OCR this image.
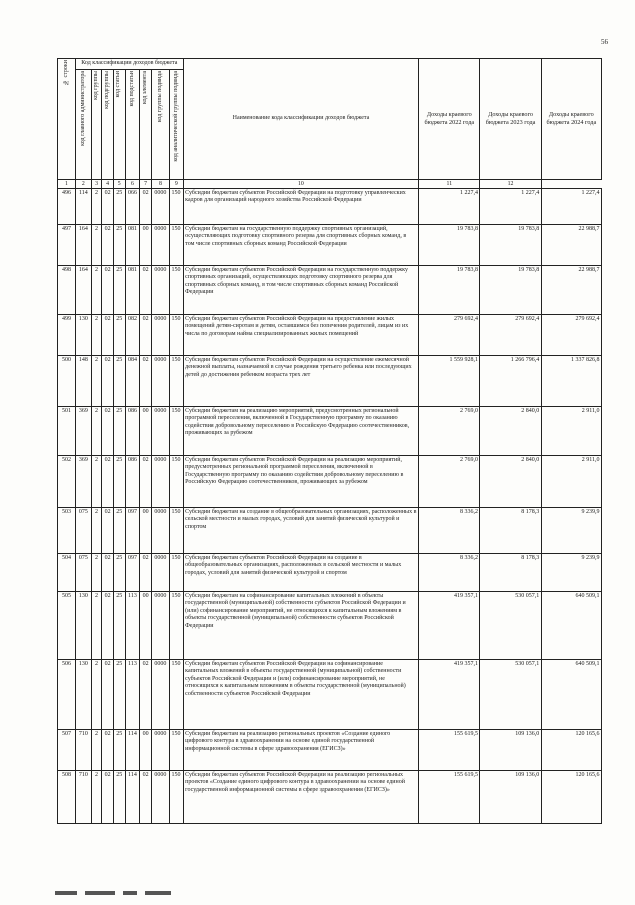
56
№ строки	Код классификации доходов бюджета								Наименование кода классификации доходов бюджета	Доходы краевого бюджета 2022 года	Доходы краевого бюджета 2023 года	Доходы краевого бюджета 2024 года

	код главного администратора	код группы	код подгруппы	код статьи	код подстатьи	код элемента	код группы подвида	код аналитической группы подвида				

1	2	3	4	5	6	7	8	9	10	11	12	
496	114	2	02	25	066	02	0000	150	Субсидии бюджетам субъектов Российской Федерации на подготовку управленческих кадров для организаций народного хозяйства Российской Федерации	1 227,4	1 227,4	1 227,4
497	164	2	02	25	081	00	0000	150	Субсидии бюджетам на государственную поддержку спортивных организаций, осуществляющих подготовку спортивного резерва для спортивных сборных команд, в том числе спортивных сборных команд Российской Федерации	19 783,8	19 783,8	22 988,7
498	164	2	02	25	081	02	0000	150	Субсидии бюджетам субъектов Российской Федерации на государственную поддержку спортивных организаций, осуществляющих подготовку спортивного резерва для спортивных сборных команд, в том числе спортивных сборных команд Российской Федерации	19 783,8	19 783,8	22 988,7
499	130	2	02	25	082	02	0000	150	Субсидии бюджетам субъектов Российской Федерации на предоставление жилых помещений детям-сиротам и детям, оставшимся без попечения родителей, лицам из их числа по договорам найма специализированных жилых помещений	279 692,4	279 692,4	279 692,4
500	148	2	02	25	084	02	0000	150	Субсидии бюджетам субъектов Российской Федерации на осуществление ежемесячной денежной выплаты, назначаемой в случае рождения третьего ребенка или последующих детей до достижения ребенком возраста трех лет	1 559 928,1	1 266 796,4	1 337 826,8
501	369	2	02	25	086	00	0000	150	Субсидии бюджетам на реализацию мероприятий, предусмотренных региональной программой переселения, включенной в Государственную программу по оказанию содействия добровольному переселению в Российскую Федерацию соотечественников, проживающих за рубежом	2 769,0	2 840,0	2 911,0
502	369	2	02	25	086	02	0000	150	Субсидии бюджетам субъектов Российской Федерации на реализацию мероприятий, предусмотренных региональной программой переселения, включенной в Государственную программу по оказанию содействия добровольному переселению в Российскую Федерацию соотечественников, проживающих за рубежом	2 769,0	2 840,0	2 911,0
503	075	2	02	25	097	00	0000	150	Субсидии бюджетам на создание в общеобразовательных организациях, расположенных в сельской местности и малых городах, условий для занятий физической культурой и спортом	8 336,2	8 178,3	9 239,9
504	075	2	02	25	097	02	0000	150	Субсидии бюджетам субъектов Российской Федерации на создание в общеобразовательных организациях, расположенных в сельской местности и малых городах, условий для занятий физической культурой и спортом	8 336,2	8 178,3	9 239,9
505	130	2	02	25	113	00	0000	150	Субсидии бюджетам на софинансирование капитальных вложений в объекты государственной (муниципальной) собственности субъектов Российской Федерации и (или) софинансирование мероприятий, не относящихся к капитальным вложениям в объекты государственной (муниципальной) собственности субъектов Российской Федерации	419 357,1	530 057,1	640 509,1
506	130	2	02	25	113	02	0000	150	Субсидии бюджетам субъектов Российской Федерации на софинансирование капитальных вложений в объекты государственной (муниципальной) собственности субъектов Российской Федерации и (или) софинансирование мероприятий, не относящихся к капитальным вложениям в объекты государственной (муниципальной) собственности субъектов Российской Федерации	419 357,1	530 057,1	640 509,1
507	710	2	02	25	114	00	0000	150	Субсидии бюджетам на реализацию региональных проектов «Создание единого цифрового контура в здравоохранении на основе единой государственной информационной системы в сфере здравоохранения (ЕГИСЗ)»	155 619,5	109 136,0	120 165,6
508	710	2	02	25	114	02	0000	150	Субсидии бюджетам субъектов Российской Федерации на реализацию региональных проектов «Создание единого цифрового контура в здравоохранении на основе единой государственной информационной системы в сфере здравоохранения (ЕГИСЗ)»	155 619,5	109 136,0	120 165,6
